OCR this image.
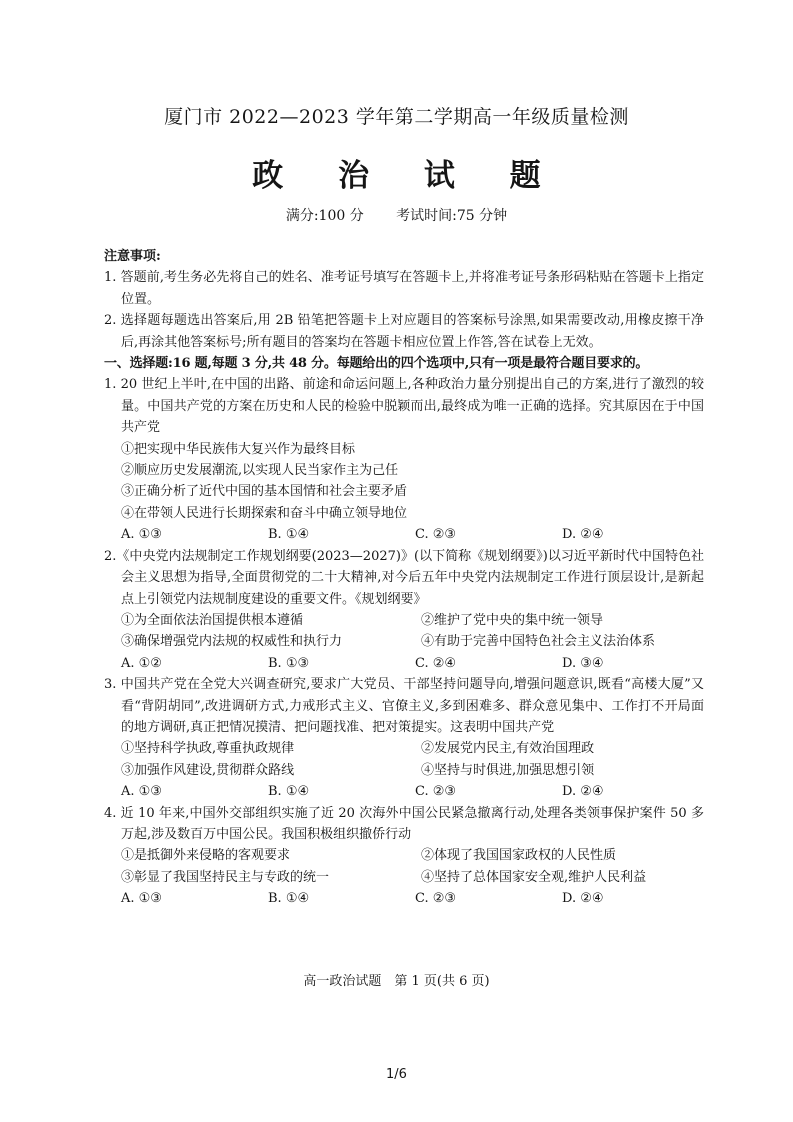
厦门市 2022—2023 学年第二学期高一年级质量检测
政 治 试 题
满分:100 分 考试时间:75 分钟
注意事项:
1. 答题前,考生务必先将自己的姓名、准考证号填写在答题卡上,并将准考证号条形码粘贴在答题卡上指定位置。
2. 选择题每题选出答案后,用 2B 铅笔把答题卡上对应题目的答案标号涂黑,如果需要改动,用橡皮擦干净后,再涂其他答案标号;所有题目的答案均在答题卡相应位置上作答,答在试卷上无效。
一、选择题:16 题,每题 3 分,共 48 分。每题给出的四个选项中,只有一项是最符合题目要求的。
1. 20 世纪上半叶,在中国的出路、前途和命运问题上,各种政治力量分别提出自己的方案,进行了激烈的较量。中国共产党的方案在历史和人民的检验中脱颖而出,最终成为唯一正确的选择。究其原因在于中国共产党
①把实现中华民族伟大复兴作为最终目标
②顺应历史发展潮流,以实现人民当家作主为己任
③正确分析了近代中国的基本国情和社会主要矛盾
④在带领人民进行长期探索和奋斗中确立领导地位
A. ①③	B. ①④	C. ②③	D. ②④
2.《中央党内法规制定工作规划纲要(2023—2027)》(以下简称《规划纲要》)以习近平新时代中国特色社会主义思想为指导,全面贯彻党的二十大精神,对今后五年中央党内法规制定工作进行顶层设计,是新起点上引领党内法规制度建设的重要文件。《规划纲要》
①为全面依法治国提供根本遵循	②维护了党中央的集中统一领导
③确保增强党内法规的权威性和执行力	④有助于完善中国特色社会主义法治体系
A. ①②	B. ①③	C. ②④	D. ③④
3. 中国共产党在全党大兴调查研究,要求广大党员、干部坚持问题导向,增强问题意识,既看“高楼大厦”又看“背阴胡同”,改进调研方式,力戒形式主义、官僚主义,多到困难多、群众意见集中、工作打不开局面的地方调研,真正把情况摸清、把问题找准、把对策提实。这表明中国共产党
①坚持科学执政,尊重执政规律	②发展党内民主,有效治国理政
③加强作风建设,贯彻群众路线	④坚持与时俱进,加强思想引领
A. ①③	B. ①④	C. ②③	D. ②④
4. 近 10 年来,中国外交部组织实施了近 20 次海外中国公民紧急撤离行动,处理各类领事保护案件 50 多万起,涉及数百万中国公民。我国积极组织撤侨行动
①是抵御外来侵略的客观要求	②体现了我国国家政权的人民性质
③彰显了我国坚持民主与专政的统一	④坚持了总体国家安全观,维护人民利益
A. ①③	B. ①④	C. ②③	D. ②④
高一政治试题　第 1 页(共 6 页)
1/6
